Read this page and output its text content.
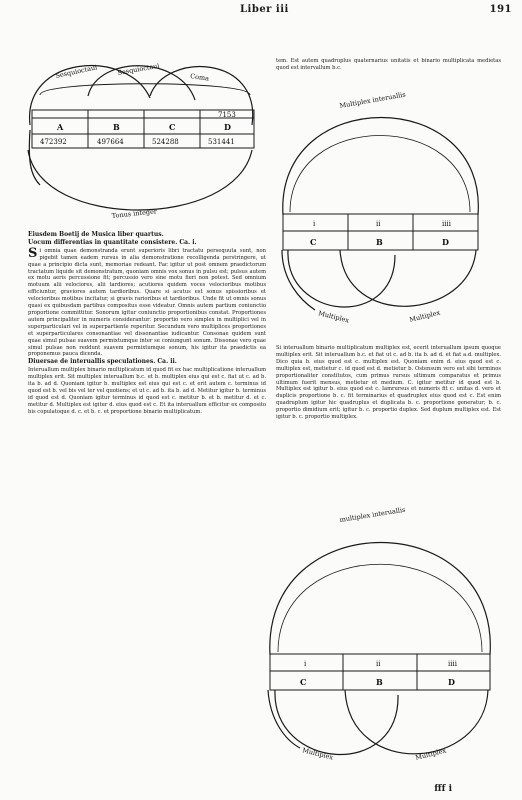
Liber iii	191
Sesquioctaui	Sesquioctaui
Coma
7153
A	B	C	D
472392	497664	524288	531441
Tonus integer
Multiplex interuallis
i	ii	iiii
C	B	D
Multiplex	Multiplex
multiplex interuallis
i	ii	iiii
C	B	D
Multiplex	Multiplex

Eiusdem Boetij de Musica liber quartus.

Uocum differentias in quantitate consistere. Ca. i.

S i omnia quae demonstranda erunt superioris libri tractatu persequuta sunt, non pigebit tamen eadem rursus in alia demonstratione recolligenda perstringere, ut quae a principio dicta sunt, memoriae redeant. Fac igitur ut post omnem praedictorum tractatum liquide sit demonstratum, quoniam omnis vox sonus in pulsu est; pulsus autem ex motu aeris percussione fit; percussio vero sine motu fieri non potest. Sed omnium motuum alii velociores, alii tardiores; acutiores quidem voces velocioribus motibus efficiuntur, graviores autem tardioribus. Quare si acutus est sonus spissioribus et velocioribus motibus incitatur, si gravis rarioribus et tardioribus. Unde fit ut omnis sonus quasi ex quibusdam partibus compositus esse videatur. Omnis autem partium coniunctio proportione committitur. Sonorum igitur coniunctio proportionibus constat. Proportiones autem principaliter in numeris considerantur: proportio vero simplex in multiplici vel in superparticulari vel in superpartiente reperitur. Secundum vero multiplices proportiones et superparticulares consonantiae vel dissonantiae iudicantur. Consonae quidem sunt quae simul pulsae suavem permixtumque inter se coniungunt sonum. Dissonae vero quae simul pulsae non reddunt suavem permixtumque sonum, his igitur ita praedictis ea proponemus pauca dicenda.

Diuersae de interuallis speculationes. Ca. ii.

Interuallum multiplex binario multiplicatum id quod fit ex hac multiplicatione interuallum multiplex erit. Sit multiplex interuallum b.c. et b. multiplex eius qui est c. fiat ut c. ad b. ita b. ad d. Quoniam igitur b. multiplex est eius qui est c. et erit autem c. terminus id quod est b. vel bis vel ter vel quotiens; et ut c. ad b. ita b. ad d. Metitur igitur b. terminus id quod est d. Quoniam igitur terminus id quod est c. metitur b. et b. metitur d. et c. metitur d. Multiplex est igitur d. eius quod est c. Et ita interuallum efficitur ex composito bis copulatoque d. c. et b. c. et proportione binario multiplicatum.

tem. Est autem quadruplus quaternarius unitatis et binario multiplicata medietas quod est intervallum b.c.

Si interuallum binario multiplicatum multiplex est, ecerit interuallum ipsum quoque multiplex erit. Sit interuallum b.c. et fiat ut c. ad b. ita b. ad d. et fiat a.d. multiplex. Dico quia b. eius quod est c. multiplex est. Quoniam enim d. eius quod est c. multiplex est, metietur c. id quod est d. metietur b. Ostensum vero est sibi terminos proportionaliter constitutos, cum primus rursus ultimum comparatus et primus ultimum fuerit mensus, metietur et medium. C. igitur metitur id quod est b. Multiplex est igitur b. eius quod est c. Iamrursus et numeris fit c. unitas d. vero et duplicis proportione b. c. fit terminarius et quadruplex eius quod est c. Est enim quadruplum igitur hic quadruplus et duplicata b. c. proportione generatur; b. c. proportio dimidium erit; igitur b. c. proportio duplex. Sed duplum multiplex est. Est igitur b. c. proportio multiplex.

fff i
